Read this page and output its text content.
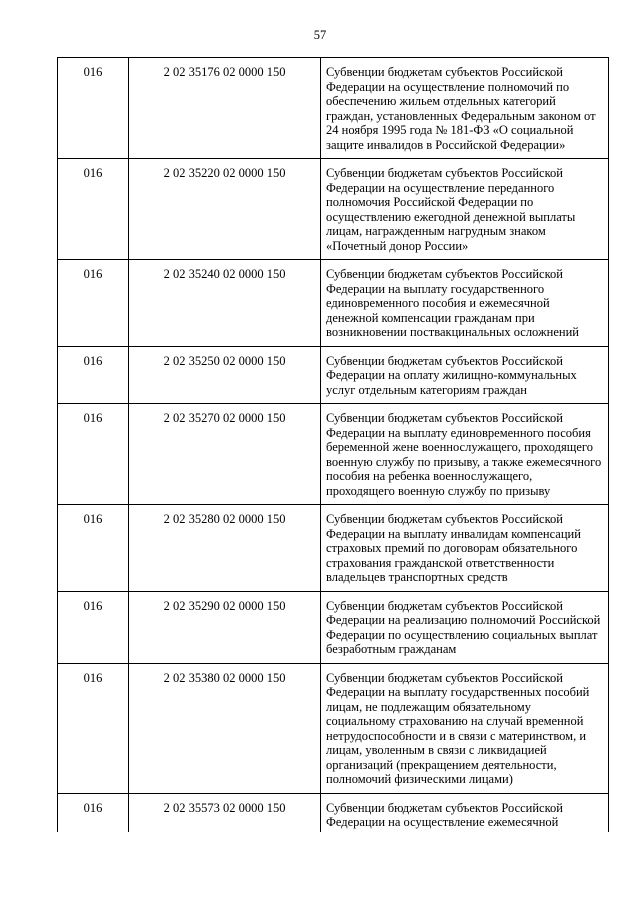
57
016	2 02 35176 02 0000 150	Субвенции бюджетам субъектов Российской Федерации на осуществление полномочий по обеспечению жильем отдельных категорий граждан, установленных Федеральным законом от 24 ноября 1995 года № 181-ФЗ «О социальной защите инвалидов в Российской Федерации»
016	2 02 35220 02 0000 150	Субвенции бюджетам субъектов Российской Федерации на осуществление переданного полномочия Российской Федерации по осуществлению ежегодной денежной выплаты лицам, награжденным нагрудным знаком «Почетный донор России»
016	2 02 35240 02 0000 150	Субвенции бюджетам субъектов Российской Федерации на выплату государственного единовременного пособия и ежемесячной денежной компенсации гражданам при возникновении поствакцинальных осложнений
016	2 02 35250 02 0000 150	Субвенции бюджетам субъектов Российской Федерации на оплату жилищно-коммунальных услуг отдельным категориям граждан
016	2 02 35270 02 0000 150	Субвенции бюджетам субъектов Российской Федерации на выплату единовременного пособия беременной жене военнослужащего, проходящего военную службу по призыву, а также ежемесячного пособия на ребенка военнослужащего, проходящего военную службу по призыву
016	2 02 35280 02 0000 150	Субвенции бюджетам субъектов Российской Федерации на выплату инвалидам компенсаций страховых премий по договорам обязательного страхования гражданской ответственности владельцев транспортных средств
016	2 02 35290 02 0000 150	Субвенции бюджетам субъектов Российской Федерации на реализацию полномочий Российской Федерации по осуществлению социальных выплат безработным гражданам
016	2 02 35380 02 0000 150	Субвенции бюджетам субъектов Российской Федерации на выплату государственных пособий лицам, не подлежащим обязательному социальному страхованию на случай временной нетрудоспособности и в связи с материнством, и лицам, уволенным в связи с ликвидацией организаций (прекращением деятельности, полномочий физическими лицами)
016	2 02 35573 02 0000 150	Субвенции бюджетам субъектов Российской Федерации на осуществление ежемесячной
